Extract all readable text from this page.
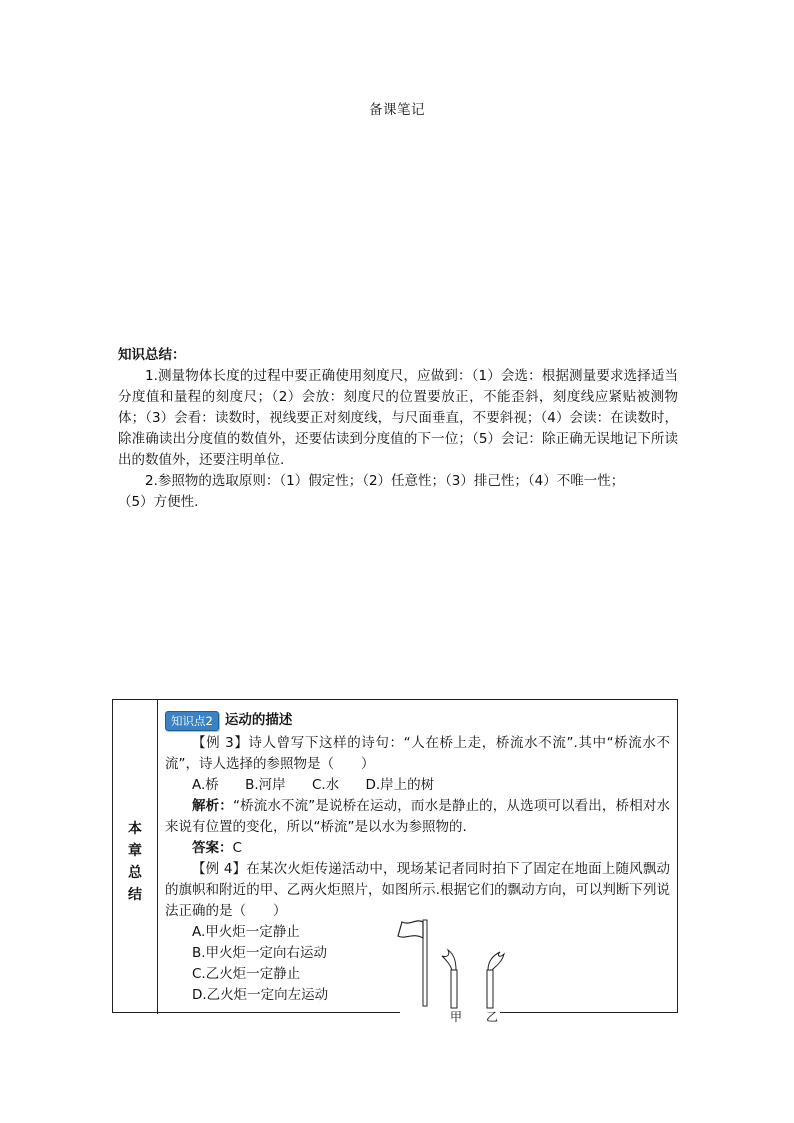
备课笔记
知识总结：

1.测量物体长度的过程中要正确使用刻度尺，应做到：（1）会选：根据测量要求选择适当分度值和量程的刻度尺；（2）会放：刻度尺的位置要放正，不能歪斜，刻度线应紧贴被测物体；（3）会看：读数时，视线要正对刻度线，与尺面垂直，不要斜视；（4）会读：在读数时，除准确读出分度值的数值外，还要估读到分度值的下一位；（5）会记：除正确无误地记下所读出的数值外，还要注明单位.

2.参照物的选取原则：（1）假定性；（2）任意性；（3）排己性；（4）不唯一性；

（5）方便性.

本
章
总
结
知识点2 运动的描述

【例 3】诗人曾写下这样的诗句：“人在桥上走，桥流水不流”.其中“桥流水不流”，诗人选择的参照物是（　　）

A.桥 B.河岸 C.水 D.岸上的树

解析：“桥流水不流”是说桥在运动，而水是静止的，从选项可以看出，桥相对水来说有位置的变化，所以“桥流”是以水为参照物的.

答案：C

【例 4】在某次火炬传递活动中，现场某记者同时拍下了固定在地面上随风飘动的旗帜和附近的甲、乙两火炬照片，如图所示.根据它们的飘动方向，可以判断下列说法正确的是（　　）

A.甲火炬一定静止
B.甲火炬一定向右运动
C.乙火炬一定静止
D.乙火炬一定向左运动
甲 乙
